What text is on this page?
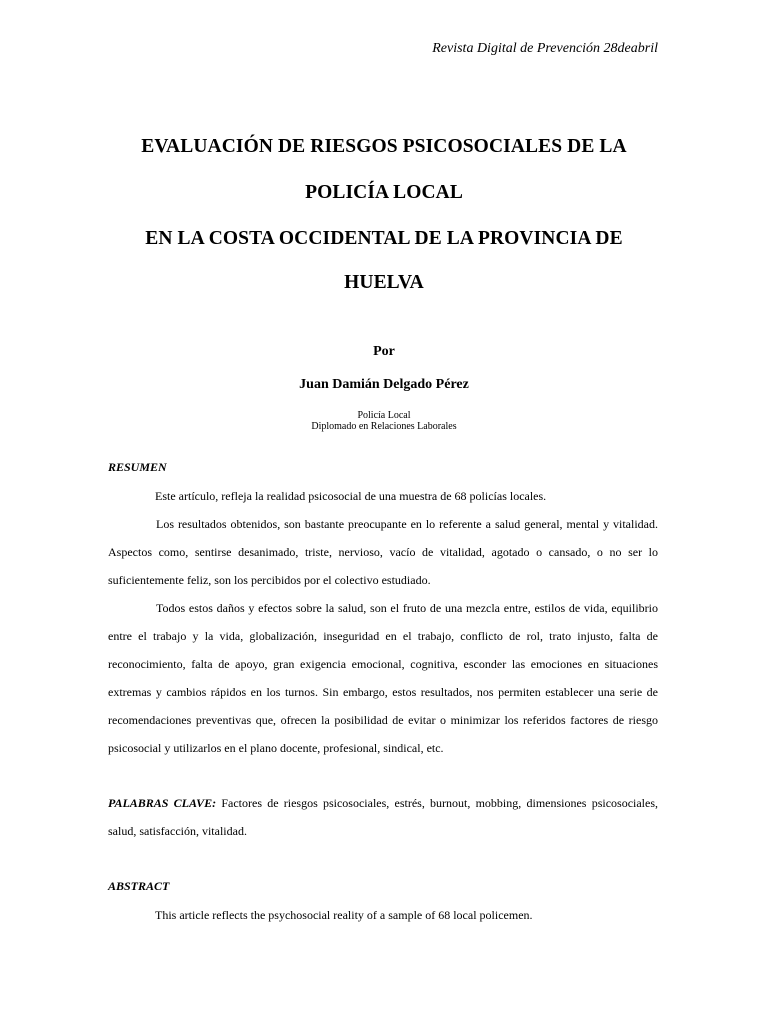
Revista Digital de Prevención 28deabril
EVALUACIÓN DE RIESGOS PSICOSOCIALES DE LA
POLICÍA LOCAL
EN LA COSTA OCCIDENTAL DE LA PROVINCIA DE
HUELVA
Por
Juan Damián Delgado Pérez
Policía Local
Diplomado en Relaciones Laborales
RESUMEN

Este artículo, refleja la realidad psicosocial de una muestra de 68 policías locales.

Los resultados obtenidos, son bastante preocupante en lo referente a salud general, mental y vitalidad. Aspectos como, sentirse desanimado, triste, nervioso, vacío de vitalidad, agotado o cansado, o no ser lo suficientemente feliz, son los percibidos por el colectivo estudiado.

Todos estos daños y efectos sobre la salud, son el fruto de una mezcla entre, estilos de vida, equilibrio entre el trabajo y la vida, globalización, inseguridad en el trabajo, conflicto de rol, trato injusto, falta de reconocimiento, falta de apoyo, gran exigencia emocional, cognitiva, esconder las emociones en situaciones extremas y cambios rápidos en los turnos. Sin embargo, estos resultados, nos permiten establecer una serie de recomendaciones preventivas que, ofrecen la posibilidad de evitar o minimizar los referidos factores de riesgo psicosocial y utilizarlos en el plano docente, profesional, sindical, etc.

PALABRAS CLAVE: Factores de riesgos psicosociales, estrés, burnout, mobbing, dimensiones psicosociales, salud, satisfacción, vitalidad.
ABSTRACT

This article reflects the psychosocial reality of a sample of 68 local policemen.
